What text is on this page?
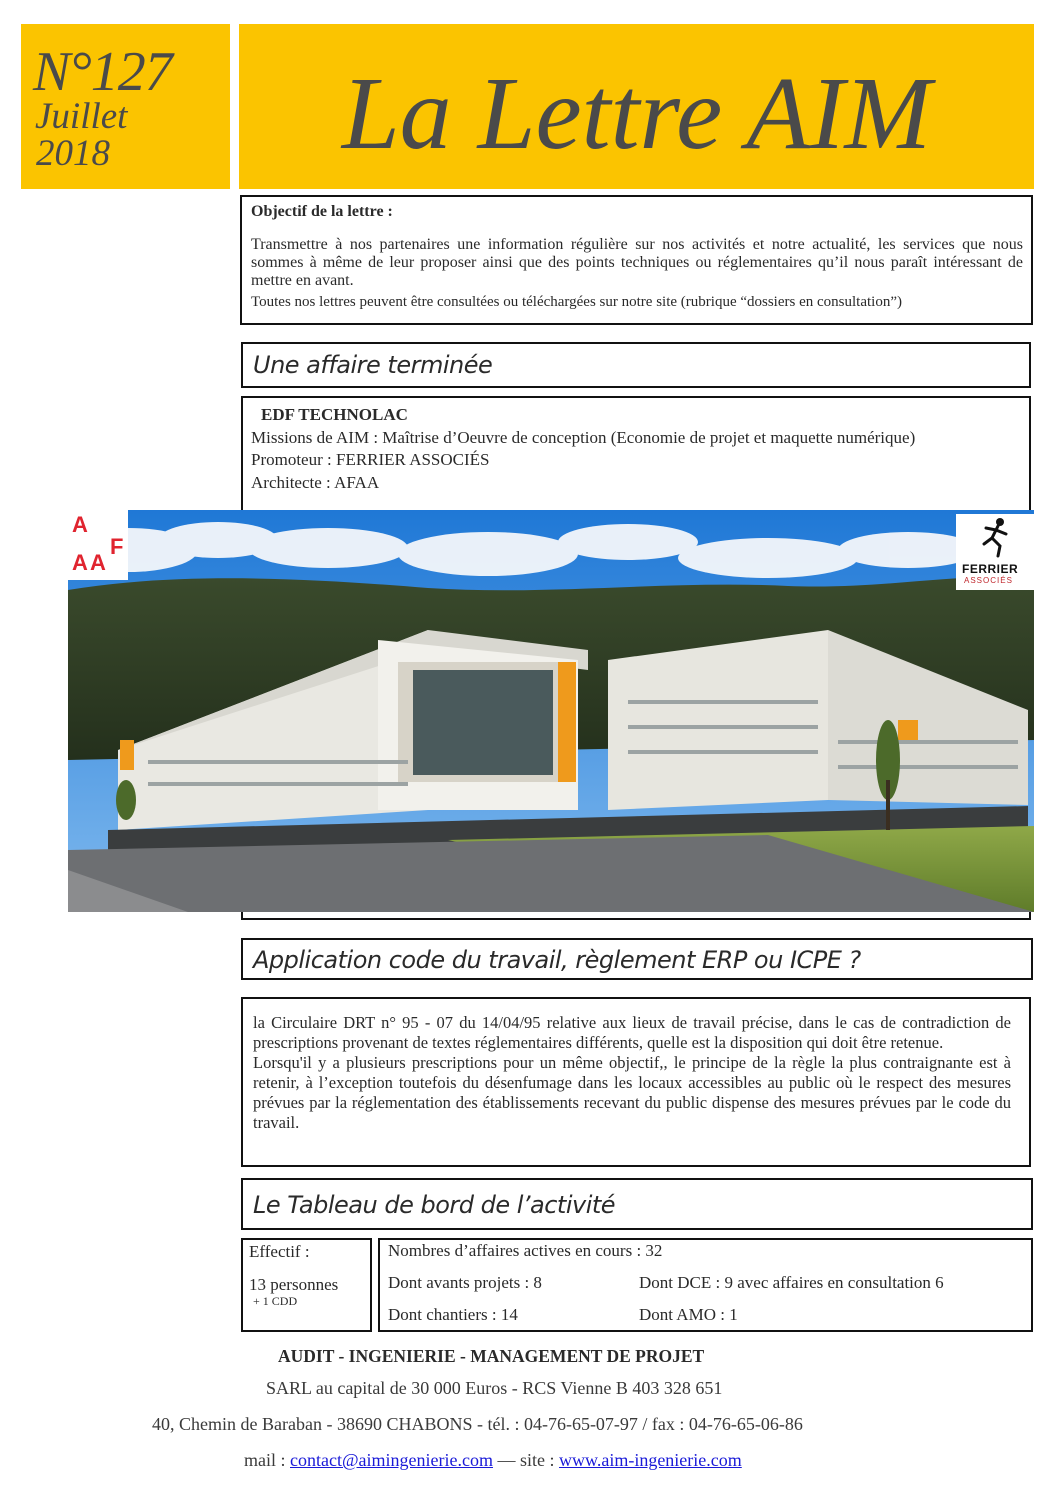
N°127
Juillet
2018	La Lettre AIM
Objectif de la lettre :

Transmettre à nos partenaires une information régulière sur nos activités et notre actualité, les services que nous sommes à même de leur proposer ainsi que des points techniques ou réglementaires qu’il nous paraît intéressant de mettre en avant.

Toutes nos lettres peuvent être consultées ou téléchargées sur notre site (rubrique “dossiers en consultation”)
Une affaire terminée
EDF TECHNOLAC
Missions de AIM : Maîtrise d’Oeuvre de conception (Economie de projet et maquette numérique)
Promoteur : FERRIER ASSOCIÉS
Architecte : AFAA
FERRIER
ASSOCIÉS
A
A
F
A
Application code du travail, règlement ERP ou ICPE ?

la Circulaire DRT n° 95 - 07 du 14/04/95 relative aux lieux de travail précise, dans le cas de contradiction de prescriptions provenant de textes réglementaires différents, quelle est la disposition qui doit être retenue.

Lorsqu'il y a plusieurs prescriptions pour un même objectif,, le principe de la règle la plus contraignante est à retenir, à l’exception toutefois du désenfumage dans les locaux accessibles au public où le respect des mesures prévues par la réglementation des établissements recevant du public dispense des mesures prévues par le code du travail.

Le Tableau de bord de l’activité
Effectif :
13 personnes
+ 1 CDD
Nombres d’affaires actives en cours : 32
Dont avants projets : 8	Dont DCE : 9 avec affaires en consultation 6
Dont chantiers : 14	Dont AMO : 1
AUDIT - INGENIERIE - MANAGEMENT DE PROJET
SARL au capital de 30 000 Euros - RCS Vienne B 403 328 651
40, Chemin de Baraban - 38690 CHABONS - tél. : 04-76-65-07-97 / fax : 04-76-65-06-86
mail : contact@aimingenierie.com — site : www.aim-ingenierie.com
